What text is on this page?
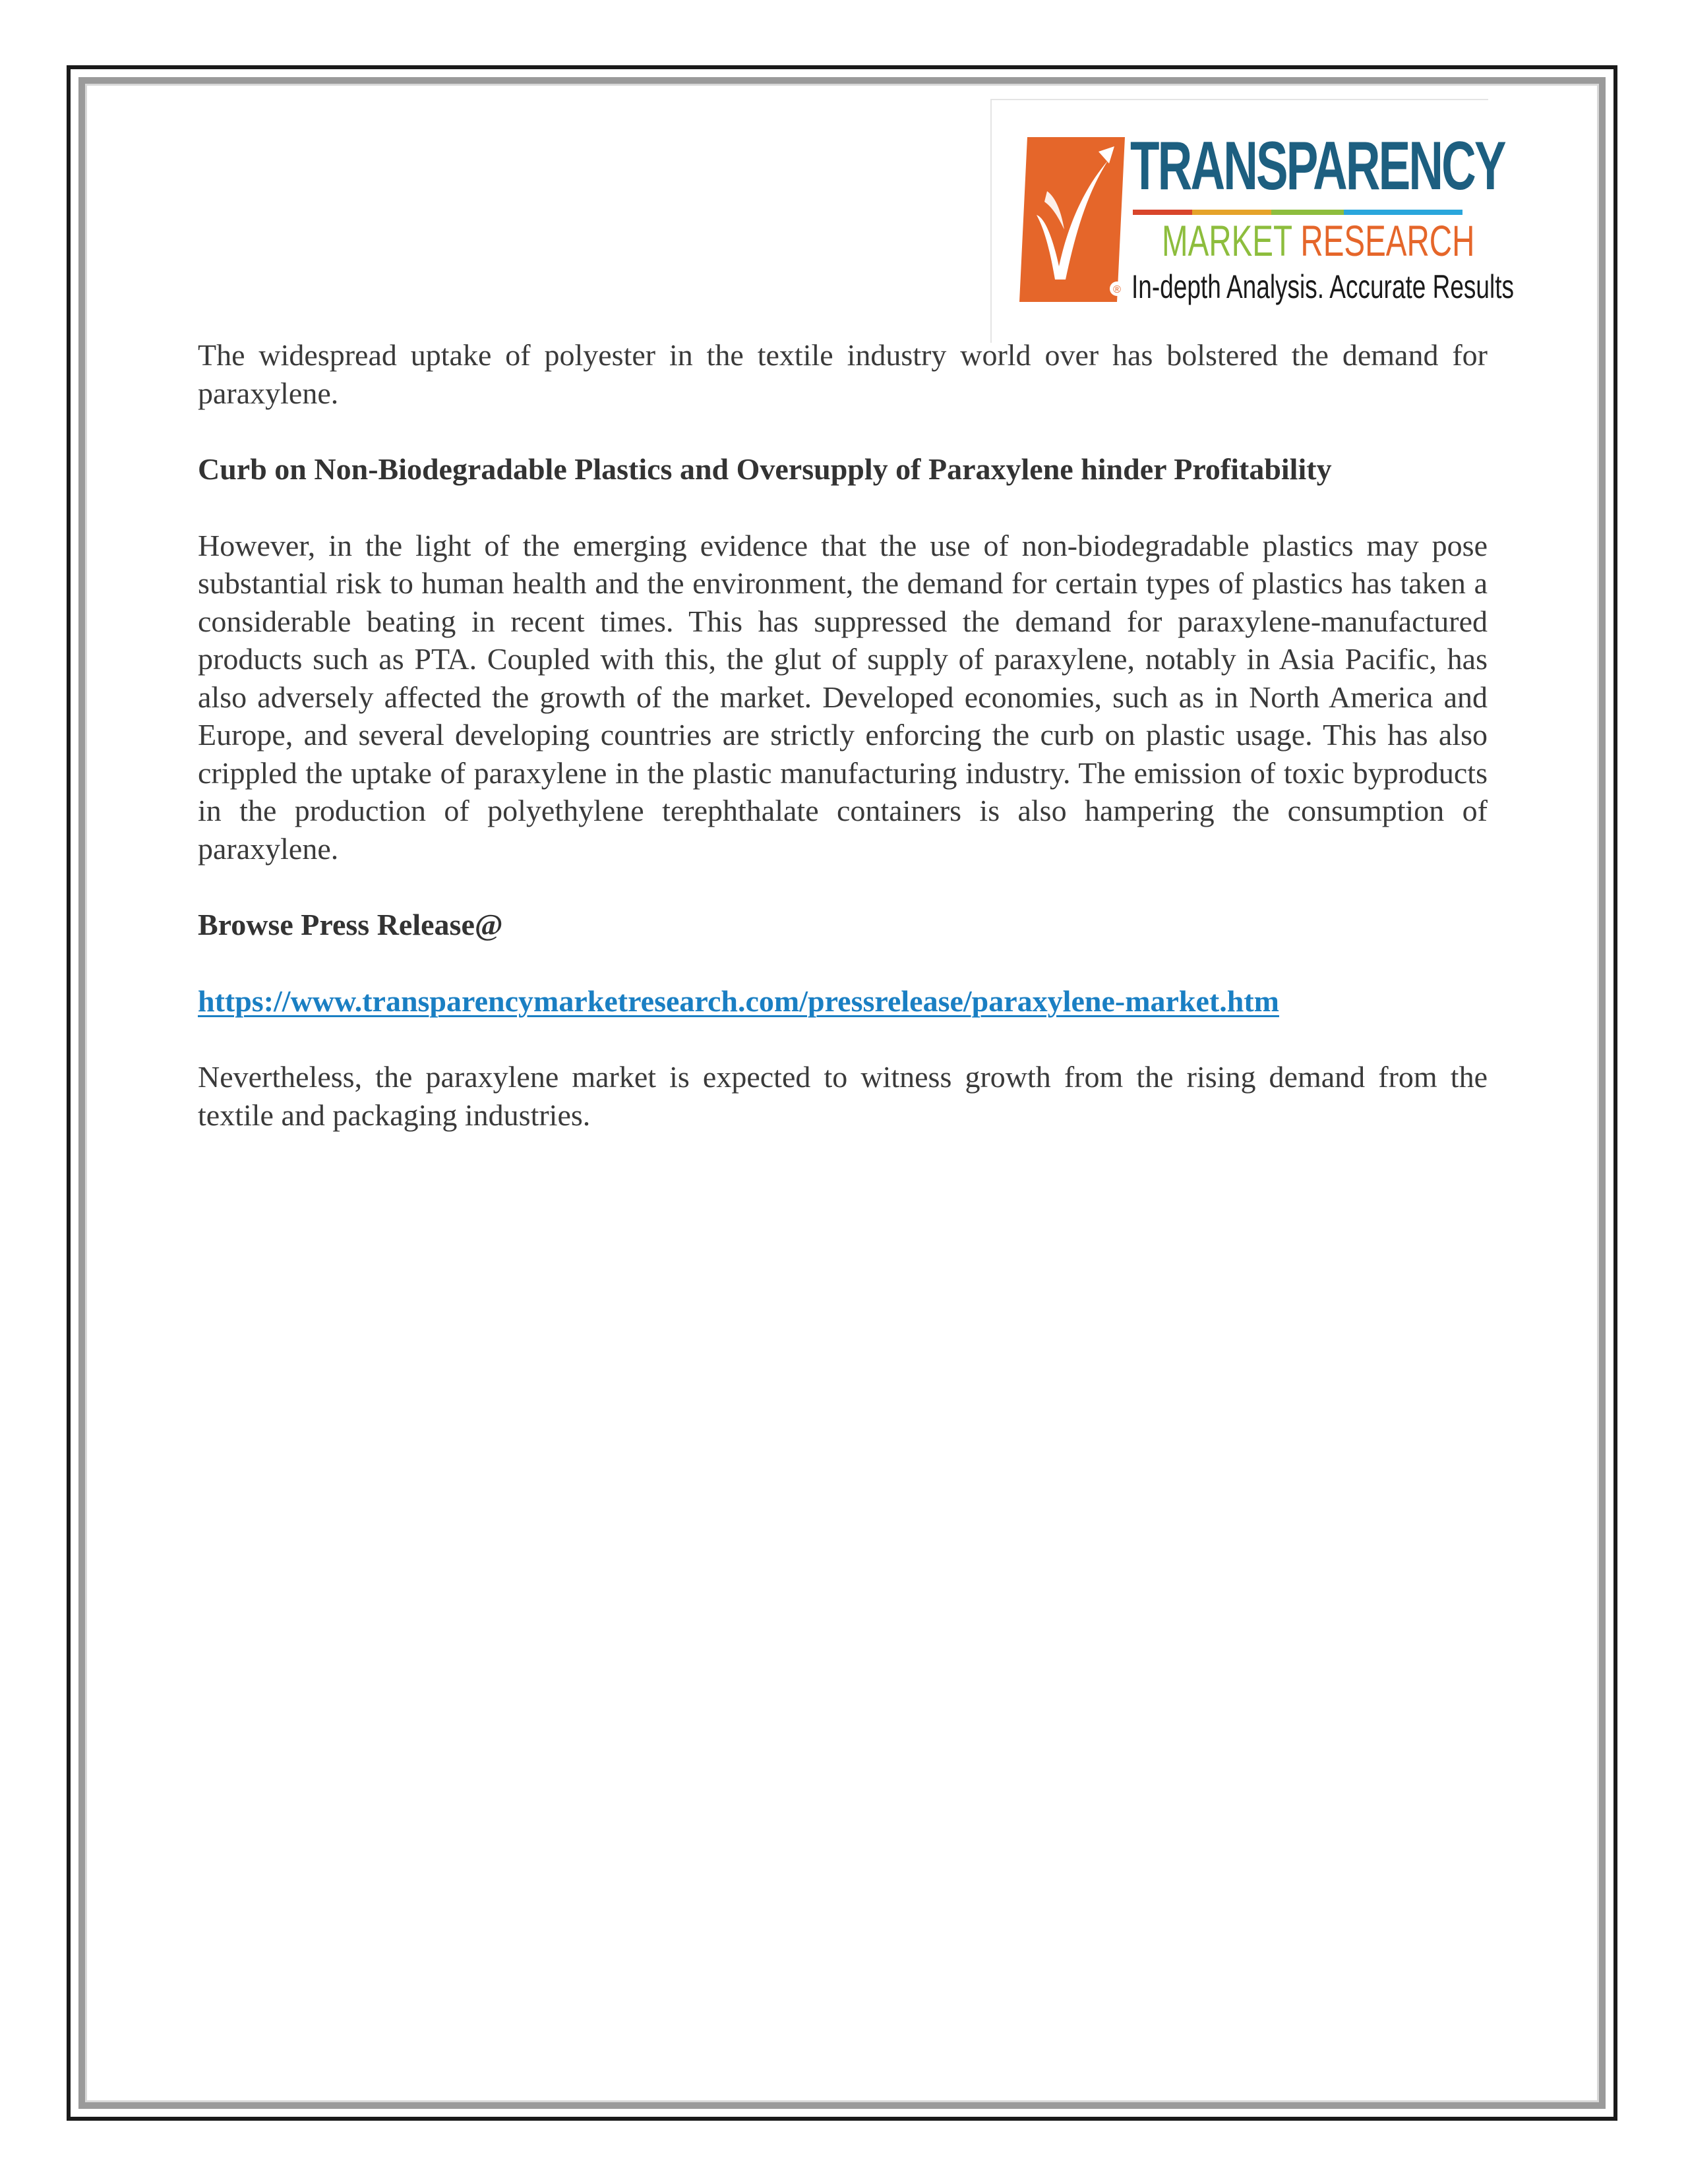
®
TRANSPARENCY
MARKET RESEARCH
In-depth Analysis. Accurate Results

The widespread uptake of polyester in the textile industry world over has bolstered the demand for paraxylene.

Curb on Non-Biodegradable Plastics and Oversupply of Paraxylene hinder Profitability

However, in the light of the emerging evidence that the use of non-biodegradable plastics may pose substantial risk to human health and the environment, the demand for certain types of plastics has taken a considerable beating in recent times. This has suppressed the demand for paraxylene-manufactured products such as PTA. Coupled with this, the glut of supply of paraxylene, notably in Asia Pacific, has also adversely affected the growth of the market. Developed economies, such as in North America and Europe, and several developing countries are strictly enforcing the curb on plastic usage. This has also crippled the uptake of paraxylene in the plastic manufacturing industry. The emission of toxic byproducts in the production of polyethylene terephthalate containers is also hampering the consumption of paraxylene.

Browse Press Release@

https://www.transparencymarketresearch.com/pressrelease/paraxylene-market.htm

Nevertheless, the paraxylene market is expected to witness growth from the rising demand from the textile and packaging industries.
